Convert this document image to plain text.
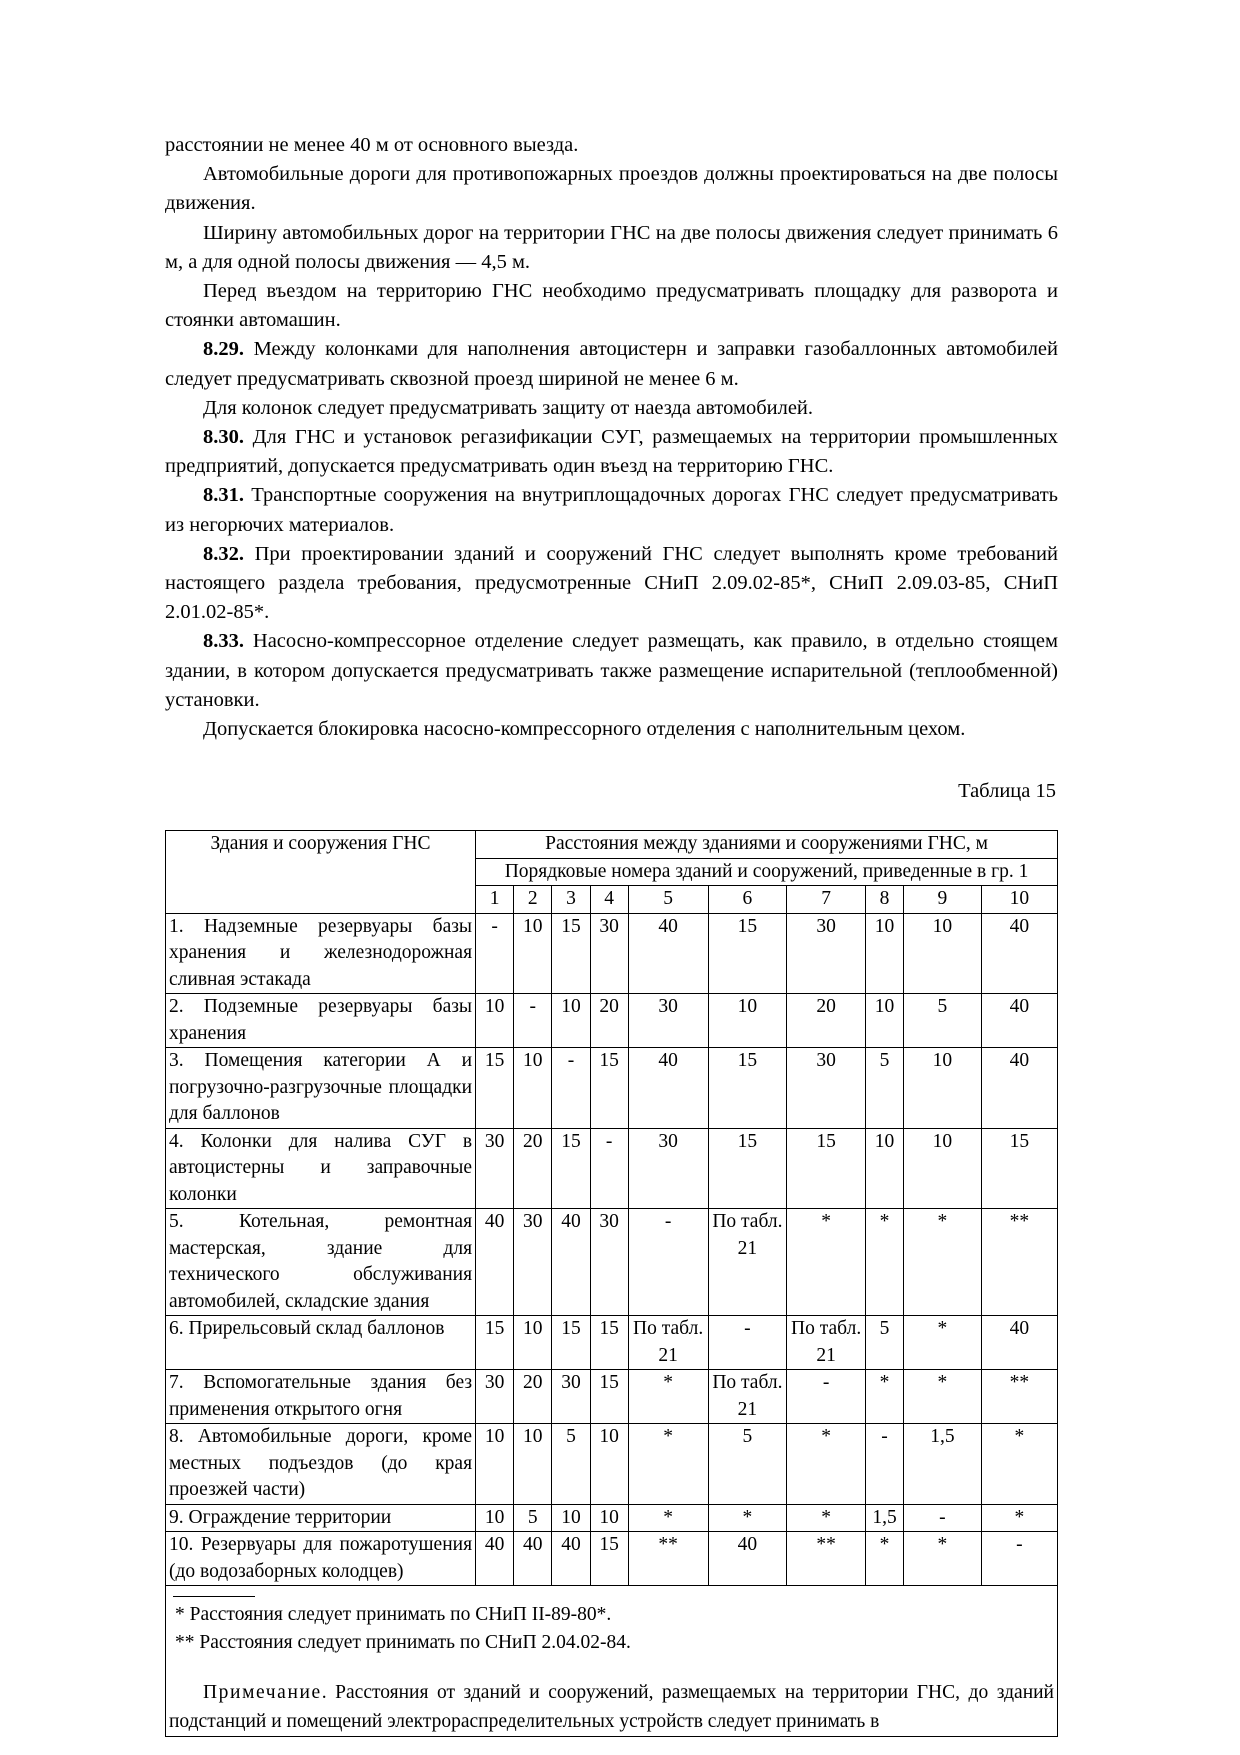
расстоянии не менее 40 м от основного выезда.

Автомобильные дороги для противопожарных проездов должны проектироваться на две полосы движения.

Ширину автомобильных дорог на территории ГНС на две полосы движения следует принимать 6 м, а для одной полосы движения — 4,5 м.

Перед въездом на территорию ГНС необходимо предусматривать площадку для разворота и стоянки автомашин.

8.29. Между колонками для наполнения автоцистерн и заправки газобаллонных автомобилей следует предусматривать сквозной проезд шириной не менее 6 м.

Для колонок следует предусматривать защиту от наезда автомобилей.

8.30. Для ГНС и установок регазификации СУГ, размещаемых на территории промышленных предприятий, допускается предусматривать один въезд на территорию ГНС.

8.31. Транспортные сооружения на внутриплощадочных дорогах ГНС следует предусматривать из негорючих материалов.

8.32. При проектировании зданий и сооружений ГНС следует выполнять кроме требований настоящего раздела требования, предусмотренные СНиП 2.09.02-85*, СНиП 2.09.03-85, СНиП 2.01.02-85*.

8.33. Насосно-компрессорное отделение следует размещать, как правило, в отдельно стоящем здании, в котором допускается предусматривать также размещение испарительной (теплообменной) установки.

Допускается блокировка насосно-компрессорного отделения с наполнительным цехом.

Таблица 15

Здания и сооружения ГНС	Расстояния между зданиями и сооружениями ГНС, м									
	Порядковые номера зданий и сооружений, приведенные в гр. 1									
	1	2	3	4	5	6	7	8	9	10
1. Надземные резервуары базы хранения и железнодорожная сливная эстакада	-	10	15	30	40	15	30	10	10	40
2. Подземные резервуары базы хранения	10	-	10	20	30	10	20	10	5	40
3. Помещения категории А и погрузочно-разгрузочные площадки для баллонов	15	10	-	15	40	15	30	5	10	40
4. Колонки для налива СУГ в автоцистерны и заправочные колонки	30	20	15	-	30	15	15	10	10	15
5. Котельная, ремонтная мастерская, здание для технического обслуживания автомобилей, складские здания	40	30	40	30	-	По табл. 21	*	*	*	**
6. Прирельсовый склад баллонов	15	10	15	15	По табл. 21	-	По табл. 21	5	*	40
7. Вспомогательные здания без применения открытого огня	30	20	30	15	*	По табл. 21	-	*	*	**
8. Автомобильные дороги, кроме местных подъездов (до края проезжей части)	10	10	5	10	*	5	*	-	1,5	*
9. Ограждение территории	10	5	10	10	*	*	*	1,5	-	*
10. Резервуары для пожаротушения (до водозаборных колодцев)	40	40	40	15	**	40	**	*	*	-

* Расстояния следует принимать по СНиП II-89-80*.

** Расстояния следует принимать по СНиП 2.04.02-84.

Примечание. Расстояния от зданий и сооружений, размещаемых на территории ГНС, до зданий подстанций и помещений электрораспределительных устройств следует принимать в										
